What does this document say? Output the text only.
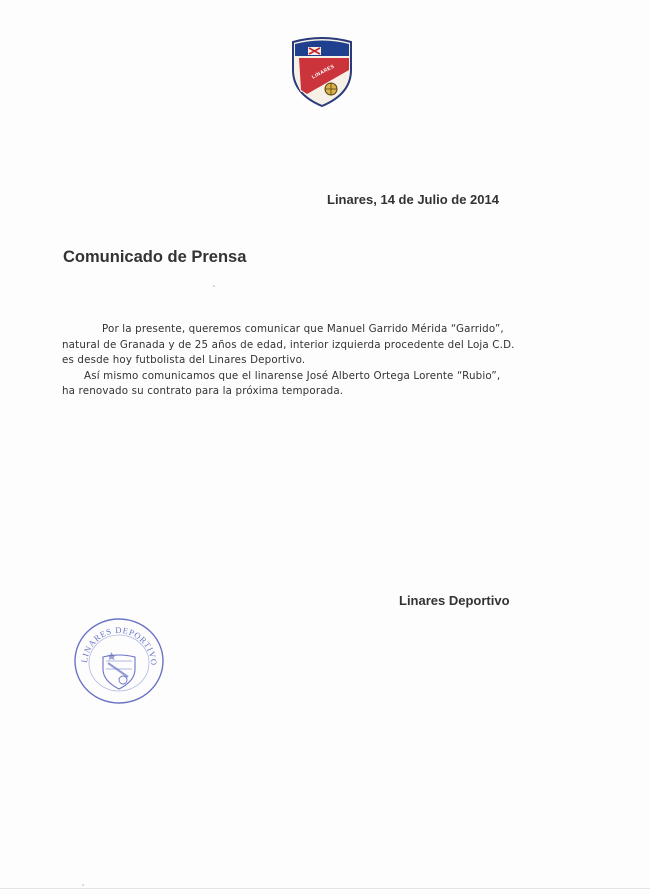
LINARES
Linares, 14 de Julio de 2014
Comunicado de Prensa

Por la presente, queremos comunicar que Manuel Garrido Mérida “Garrido”,

natural de Granada y de 25 años de edad, interior izquierda procedente del Loja C.D.

es desde hoy futbolista del Linares Deportivo.

Así mismo comunicamos que el linarense José Alberto Ortega Lorente “Rubio”,

ha renovado su contrato para la próxima temporada.

Linares Deportivo
LINARES DEPORTIVO
